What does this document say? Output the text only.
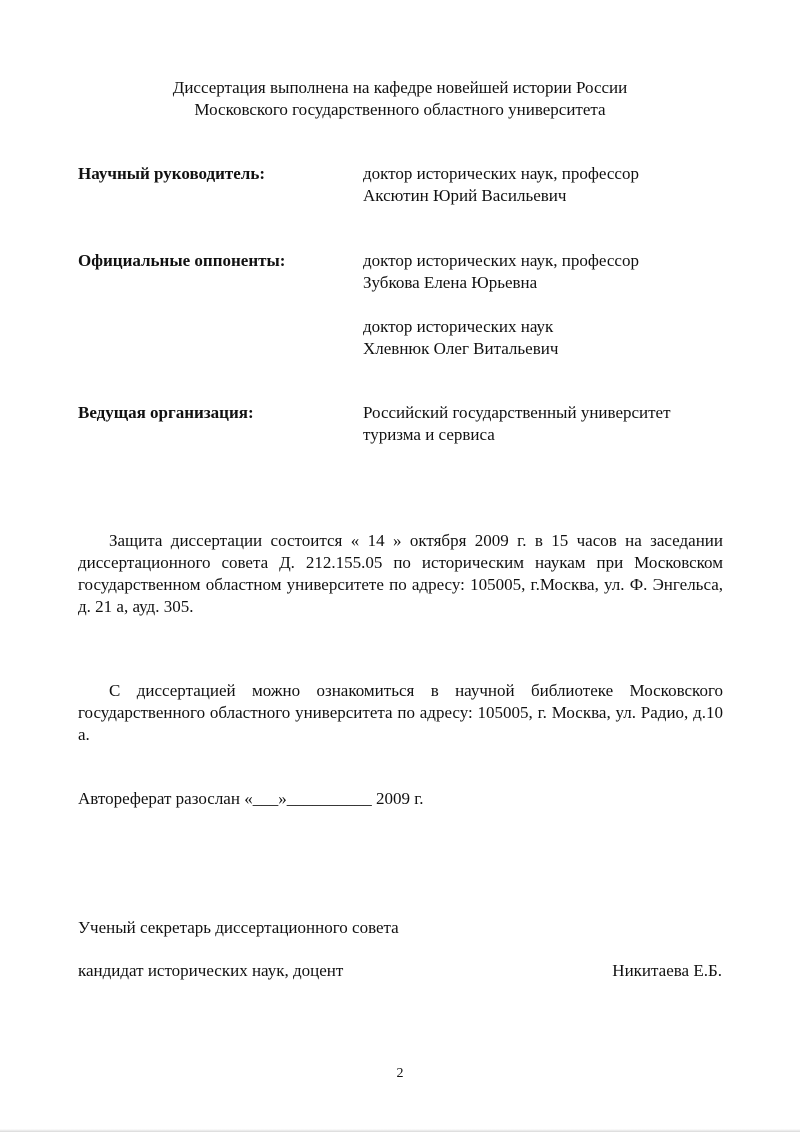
Диссертация выполнена на кафедре новейшей истории России
Московского государственного областного университета
Научный руководитель:	доктор исторических наук, профессор
Аксютин Юрий Васильевич
Официальные оппоненты:	доктор исторических наук, профессор
Зубкова Елена Юрьевна
доктор исторических наук
Хлевнюк Олег Витальевич
Ведущая организация:	Российский государственный университет
туризма и сервиса
Защита диссертации состоится « 14 » октября 2009 г. в 15 часов на заседании диссертационного совета Д. 212.155.05 по историческим наукам при Московском государственном областном университете по адресу: 105005, г.Москва, ул. Ф. Энгельса, д. 21 а, ауд. 305.
С диссертацией можно ознакомиться в научной библиотеке Московского государственного областного университета по адресу: 105005, г. Москва, ул. Радио, д.10 а.
Автореферат разослан «___»__________ 2009 г.
Ученый секретарь диссертационного совета
кандидат исторических наук, доцент	Никитаева Е.Б.
2
